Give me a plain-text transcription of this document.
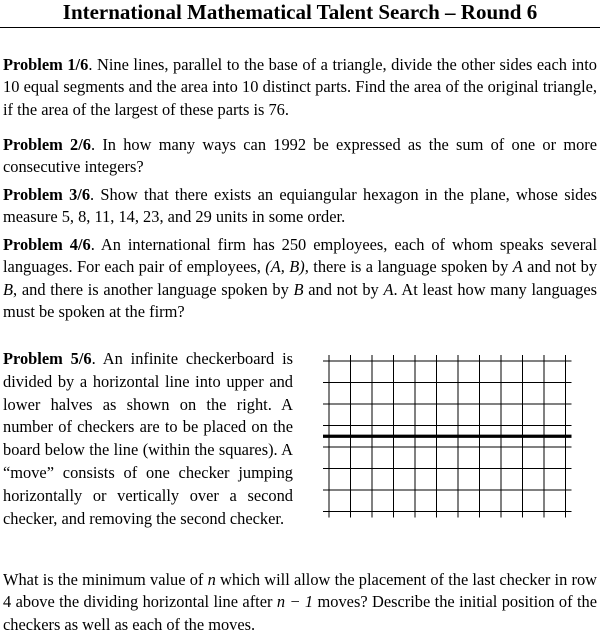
International Mathematical Talent Search – Round 6
Problem 1/6. Nine lines, parallel to the base of a triangle, divide the other sides each into 10 equal segments and the area into 10 distinct parts. Find the area of the original triangle, if the area of the largest of these parts is 76.
Problem 2/6. In how many ways can 1992 be expressed as the sum of one or more consecutive integers?
Problem 3/6. Show that there exists an equiangular hexagon in the plane, whose sides measure 5, 8, 11, 14, 23, and 29 units in some order.
Problem 4/6. An international firm has 250 employees, each of whom speaks several languages. For each pair of employees, (A, B), there is a language spoken by A and not by B, and there is another language spoken by B and not by A. At least how many languages must be spoken at the firm?
Problem 5/6. An infinite checkerboard is divided by a horizontal line into upper and lower halves as shown on the right. A number of checkers are to be placed on the board below the line (within the squares). A “move” consists of one checker jumping horizontally or vertically over a second checker, and removing the second checker.
What is the minimum value of n which will allow the placement of the last checker in row 4 above the dividing horizontal line after n − 1 moves? Describe the initial position of the checkers as well as each of the moves.
